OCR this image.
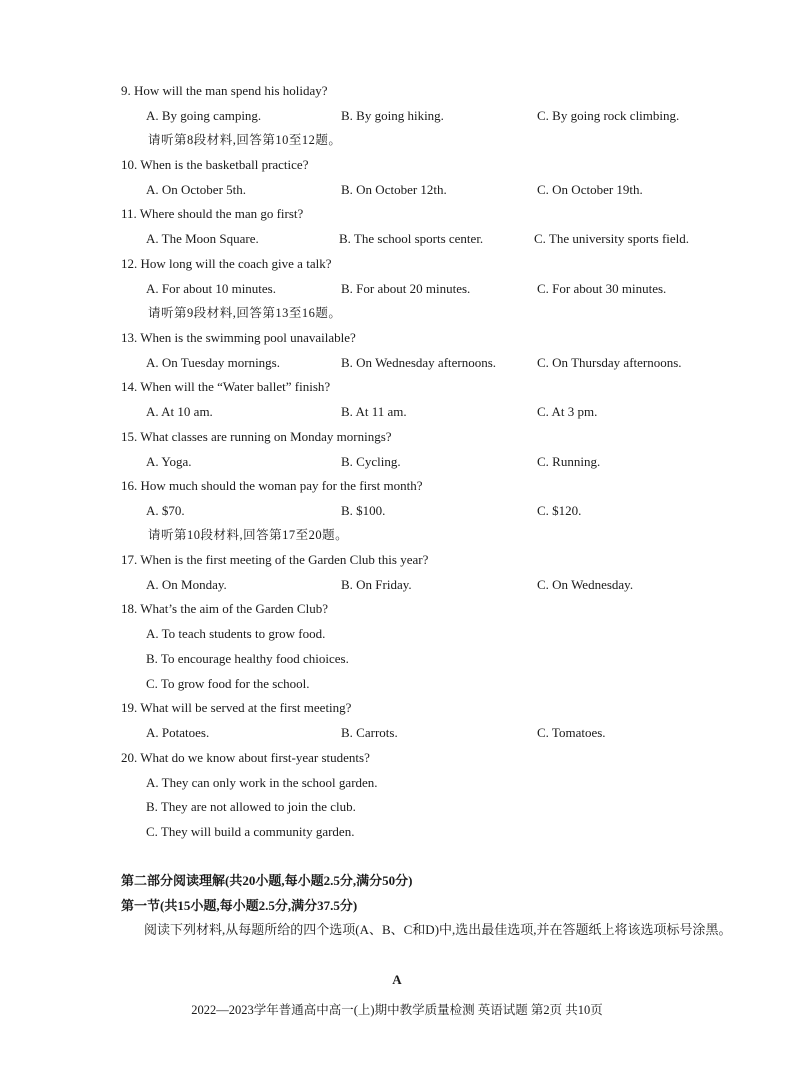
9. How will the man spend his holiday?
A. By going camping.	B. By going hiking.	C. By going rock climbing.
请听第8段材料,回答第10至12题。
10. When is the basketball practice?
A. On October 5th.	B. On October 12th.	C. On October 19th.
11. Where should the man go first?
A. The Moon Square.	B. The school sports center.	C. The university sports field.
12. How long will the coach give a talk?
A. For about 10 minutes.	B. For about 20 minutes.	C. For about 30 minutes.
请听第9段材料,回答第13至16题。
13. When is the swimming pool unavailable?
A. On Tuesday mornings.	B. On Wednesday afternoons.	C. On Thursday afternoons.
14. When will the “Water ballet” finish?
A. At 10 am.	B. At 11 am.	C. At 3 pm.
15. What classes are running on Monday mornings?
A. Yoga.	B. Cycling.	C. Running.
16. How much should the woman pay for the first month?
A. $70.	B. $100.	C. $120.
请听第10段材料,回答第17至20题。
17. When is the first meeting of the Garden Club this year?
A. On Monday.	B. On Friday.	C. On Wednesday.
18. What’s the aim of the Garden Club?
A. To teach students to grow food.
B. To encourage healthy food chioices.
C. To grow food for the school.
19. What will be served at the first meeting?
A. Potatoes.	B. Carrots.	C. Tomatoes.
20. What do we know about first-year students?
A. They can only work in the school garden.
B. They are not allowed to join the club.
C. They will build a community garden.
第二部分阅读理解(共20小题,每小题2.5分,满分50分)
第一节(共15小题,每小题2.5分,满分37.5分)
阅读下列材料,从每题所给的四个选项(A、B、C和D)中,选出最佳选项,并在答题纸上将该选项标号涂黑。
A
2022—2023学年普通高中高一(上)期中教学质量检测 英语试题 第2页 共10页
